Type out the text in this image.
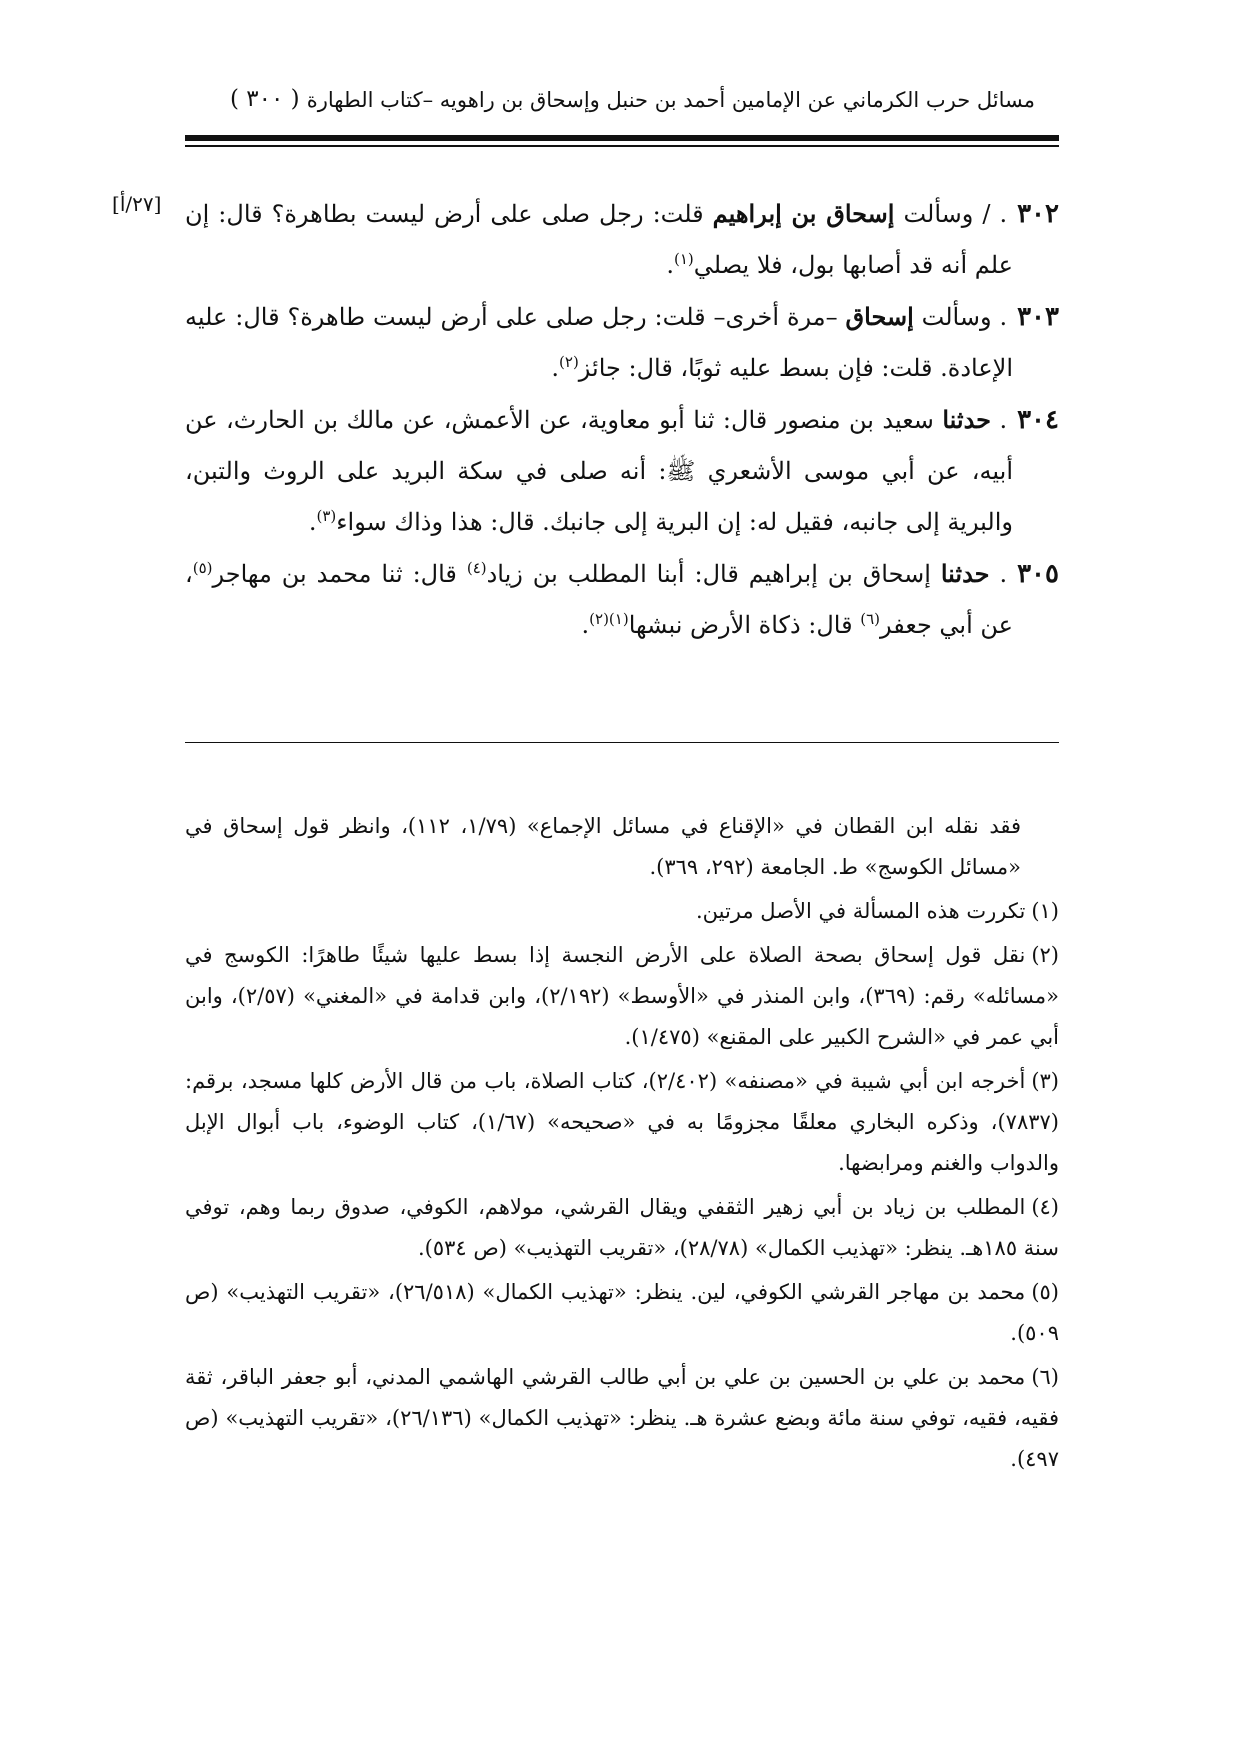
مسائل حرب الكرماني عن الإمامين أحمد بن حنبل وإسحاق بن راهويه –كتاب الطهارة
( ٣٠٠ )
[٢٧/أ]	٣٠٢. / وسألت إسحاق بن إبراهيم قلت: رجل صلى على أرض ليست بطاهرة؟ قال: إن علم أنه قد أصابها بول، فلا يصلي$^{(١)}$.

٣٠٣. وسألت إسحاق –مرة أخرى– قلت: رجل صلى على أرض ليست طاهرة؟ قال: عليه الإعادة. قلت: فإن بسط عليه ثوبًا، قال: جائز$^{(٢)}$.

٣٠٤. حدثنا سعيد بن منصور قال: ثنا أبو معاوية، عن الأعمش، عن مالك بن الحارث، عن أبيه، عن أبي موسى الأشعري ﷺ: أنه صلى في سكة البريد على الروث والتبن، والبرية إلى جانبه، فقيل له: إن البرية إلى جانبك. قال: هذا وذاك سواء$^{(٣)}$.

٣٠٥. حدثنا إسحاق بن إبراهيم قال: أبنا المطلب بن زياد$^{(٤)}$ قال: ثنا محمد بن مهاجر$^{(٥)}$، عن أبي جعفر$^{(٦)}$ قال: ذكاة الأرض نبشها$^{(١)(٢)}$.

فقد نقله ابن القطان في «الإقناع في مسائل الإجماع» (١/٧٩، ١١٢)، وانظر قول إسحاق في «مسائل الكوسج» ط. الجامعة (٢٩٢، ٣٦٩).

(١)تكررت هذه المسألة في الأصل مرتين.

(٢)نقل قول إسحاق بصحة الصلاة على الأرض النجسة إذا بسط عليها شيئًا طاهرًا: الكوسج في «مسائله» رقم: (٣٦٩)، وابن المنذر في «الأوسط» (٢/١٩٢)، وابن قدامة في «المغني» (٢/٥٧)، وابن أبي عمر في «الشرح الكبير على المقنع» (١/٤٧٥).

(٣)أخرجه ابن أبي شيبة في «مصنفه» (٢/٤٠٢)، كتاب الصلاة، باب من قال الأرض كلها مسجد، برقم: (٧٨٣٧)، وذكره البخاري معلقًا مجزومًا به في «صحيحه» (١/٦٧)، كتاب الوضوء، باب أبوال الإبل والدواب والغنم ومرابضها.

(٤)المطلب بن زياد بن أبي زهير الثقفي ويقال القرشي، مولاهم، الكوفي، صدوق ربما وهم، توفي سنة ١٨٥هـ. ينظر: «تهذيب الكمال» (٢٨/٧٨)، «تقريب التهذيب» (ص ٥٣٤).

(٥)محمد بن مهاجر القرشي الكوفي، لين. ينظر: «تهذيب الكمال» (٢٦/٥١٨)، «تقريب التهذيب» (ص ٥٠٩).

(٦)محمد بن علي بن الحسين بن علي بن أبي طالب القرشي الهاشمي المدني، أبو جعفر الباقر، ثقة فقيه، فقيه، توفي سنة مائة وبضع عشرة هـ. ينظر: «تهذيب الكمال» (٢٦/١٣٦)، «تقريب التهذيب» (ص ٤٩٧).
